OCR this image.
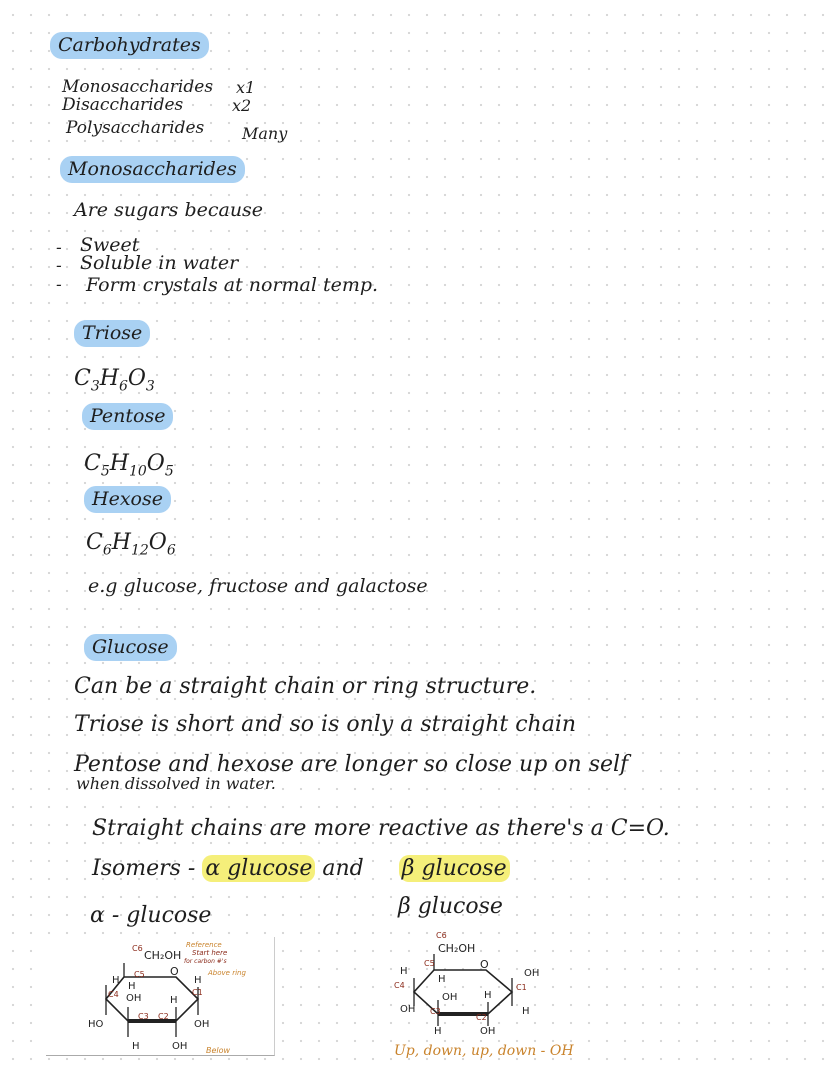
Carbohydrates
Monosaccharides x1
Disaccharides	x2
Polysaccharides Many
Monosaccharides
Are sugars because
- Sweet
- Soluble in water
- Form crystals at normal temp.
Triose
$C_3H_6O_3$
Pentose
$C_5H_{10}O_5$
Hexose
$C_6H_{12}O_6$
e.g glucose, fructose and galactose
Glucose
Can be a straight chain or ring structure.
Triose is short and so is only a straight chain
Pentose and hexose are longer so close up on self
when dissolved in water.
Straight chains are more reactive as there's a C=O.
Isomers - α glucose and β glucose
α - glucose	β glucose
CH₂OH
O
C6
C5
C4
C3 C2
C1
H
H
OH	H
H
HO	OH
H	OH
Reference
Start here
for carbon #'s
Above ring
Below
CH₂OH
O
C6
C5
C4
C3
C2
C1
H
H
OH
OH
OH
H
H
H	OH
Up, down, up, down - OH
